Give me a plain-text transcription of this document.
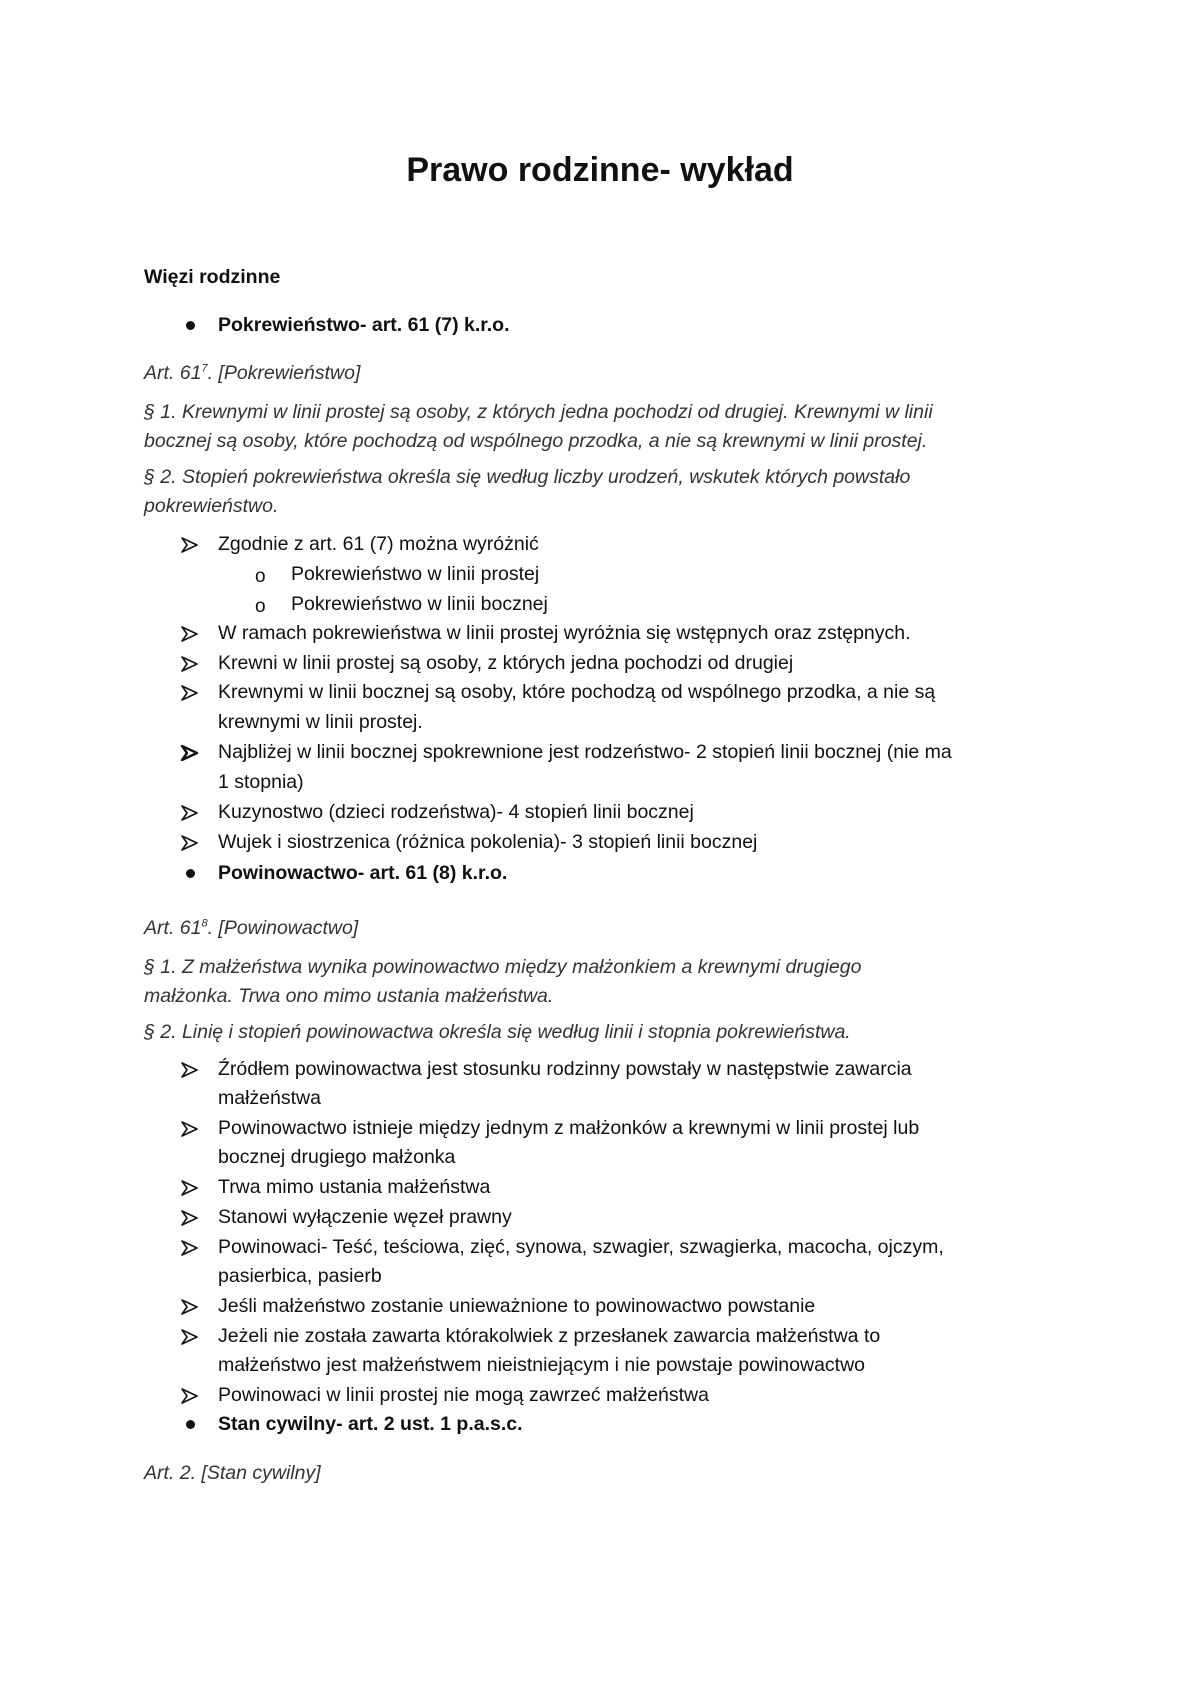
Prawo rodzinne- wykład
Więzi rodzinne
Pokrewieństwo- art. 61 (7) k.r.o.
Art. $61^7$. [Pokrewieństwo]
§ 1. Krewnymi w linii prostej są osoby, z których jedna pochodzi od drugiej. Krewnymi w linii
bocznej są osoby, które pochodzą od wspólnego przodka, a nie są krewnymi w linii prostej.
§ 2. Stopień pokrewieństwa określa się według liczby urodzeń, wskutek których powstało
pokrewieństwo.
Zgodnie z art. 61 (7) można wyróżnić
o Pokrewieństwo w linii prostej
o Pokrewieństwo w linii bocznej
W ramach pokrewieństwa w linii prostej wyróżnia się wstępnych oraz zstępnych.
Krewni w linii prostej są osoby, z których jedna pochodzi od drugiej
Krewnymi w linii bocznej są osoby, które pochodzą od wspólnego przodka, a nie są
krewnymi w linii prostej.
Najbliżej w linii bocznej spokrewnione jest rodzeństwo- 2 stopień linii bocznej (nie ma
1 stopnia)
Kuzynostwo (dzieci rodzeństwa)- 4 stopień linii bocznej
Wujek i siostrzenica (różnica pokolenia)- 3 stopień linii bocznej
Powinowactwo- art. 61 (8) k.r.o.
Art. $61^8$. [Powinowactwo]
§ 1. Z małżeństwa wynika powinowactwo między małżonkiem a krewnymi drugiego
małżonka. Trwa ono mimo ustania małżeństwa.
§ 2. Linię i stopień powinowactwa określa się według linii i stopnia pokrewieństwa.
Źródłem powinowactwa jest stosunku rodzinny powstały w następstwie zawarcia
małżeństwa
Powinowactwo istnieje między jednym z małżonków a krewnymi w linii prostej lub
bocznej drugiego małżonka
Trwa mimo ustania małżeństwa
Stanowi wyłączenie węzeł prawny
Powinowaci- Teść, teściowa, zięć, synowa, szwagier, szwagierka, macocha, ojczym,
pasierbica, pasierb
Jeśli małżeństwo zostanie unieważnione to powinowactwo powstanie
Jeżeli nie została zawarta którakolwiek z przesłanek zawarcia małżeństwa to
małżeństwo jest małżeństwem nieistniejącym i nie powstaje powinowactwo
Powinowaci w linii prostej nie mogą zawrzeć małżeństwa
Stan cywilny- art. 2 ust. 1 p.a.s.c.
Art. 2. [Stan cywilny]
